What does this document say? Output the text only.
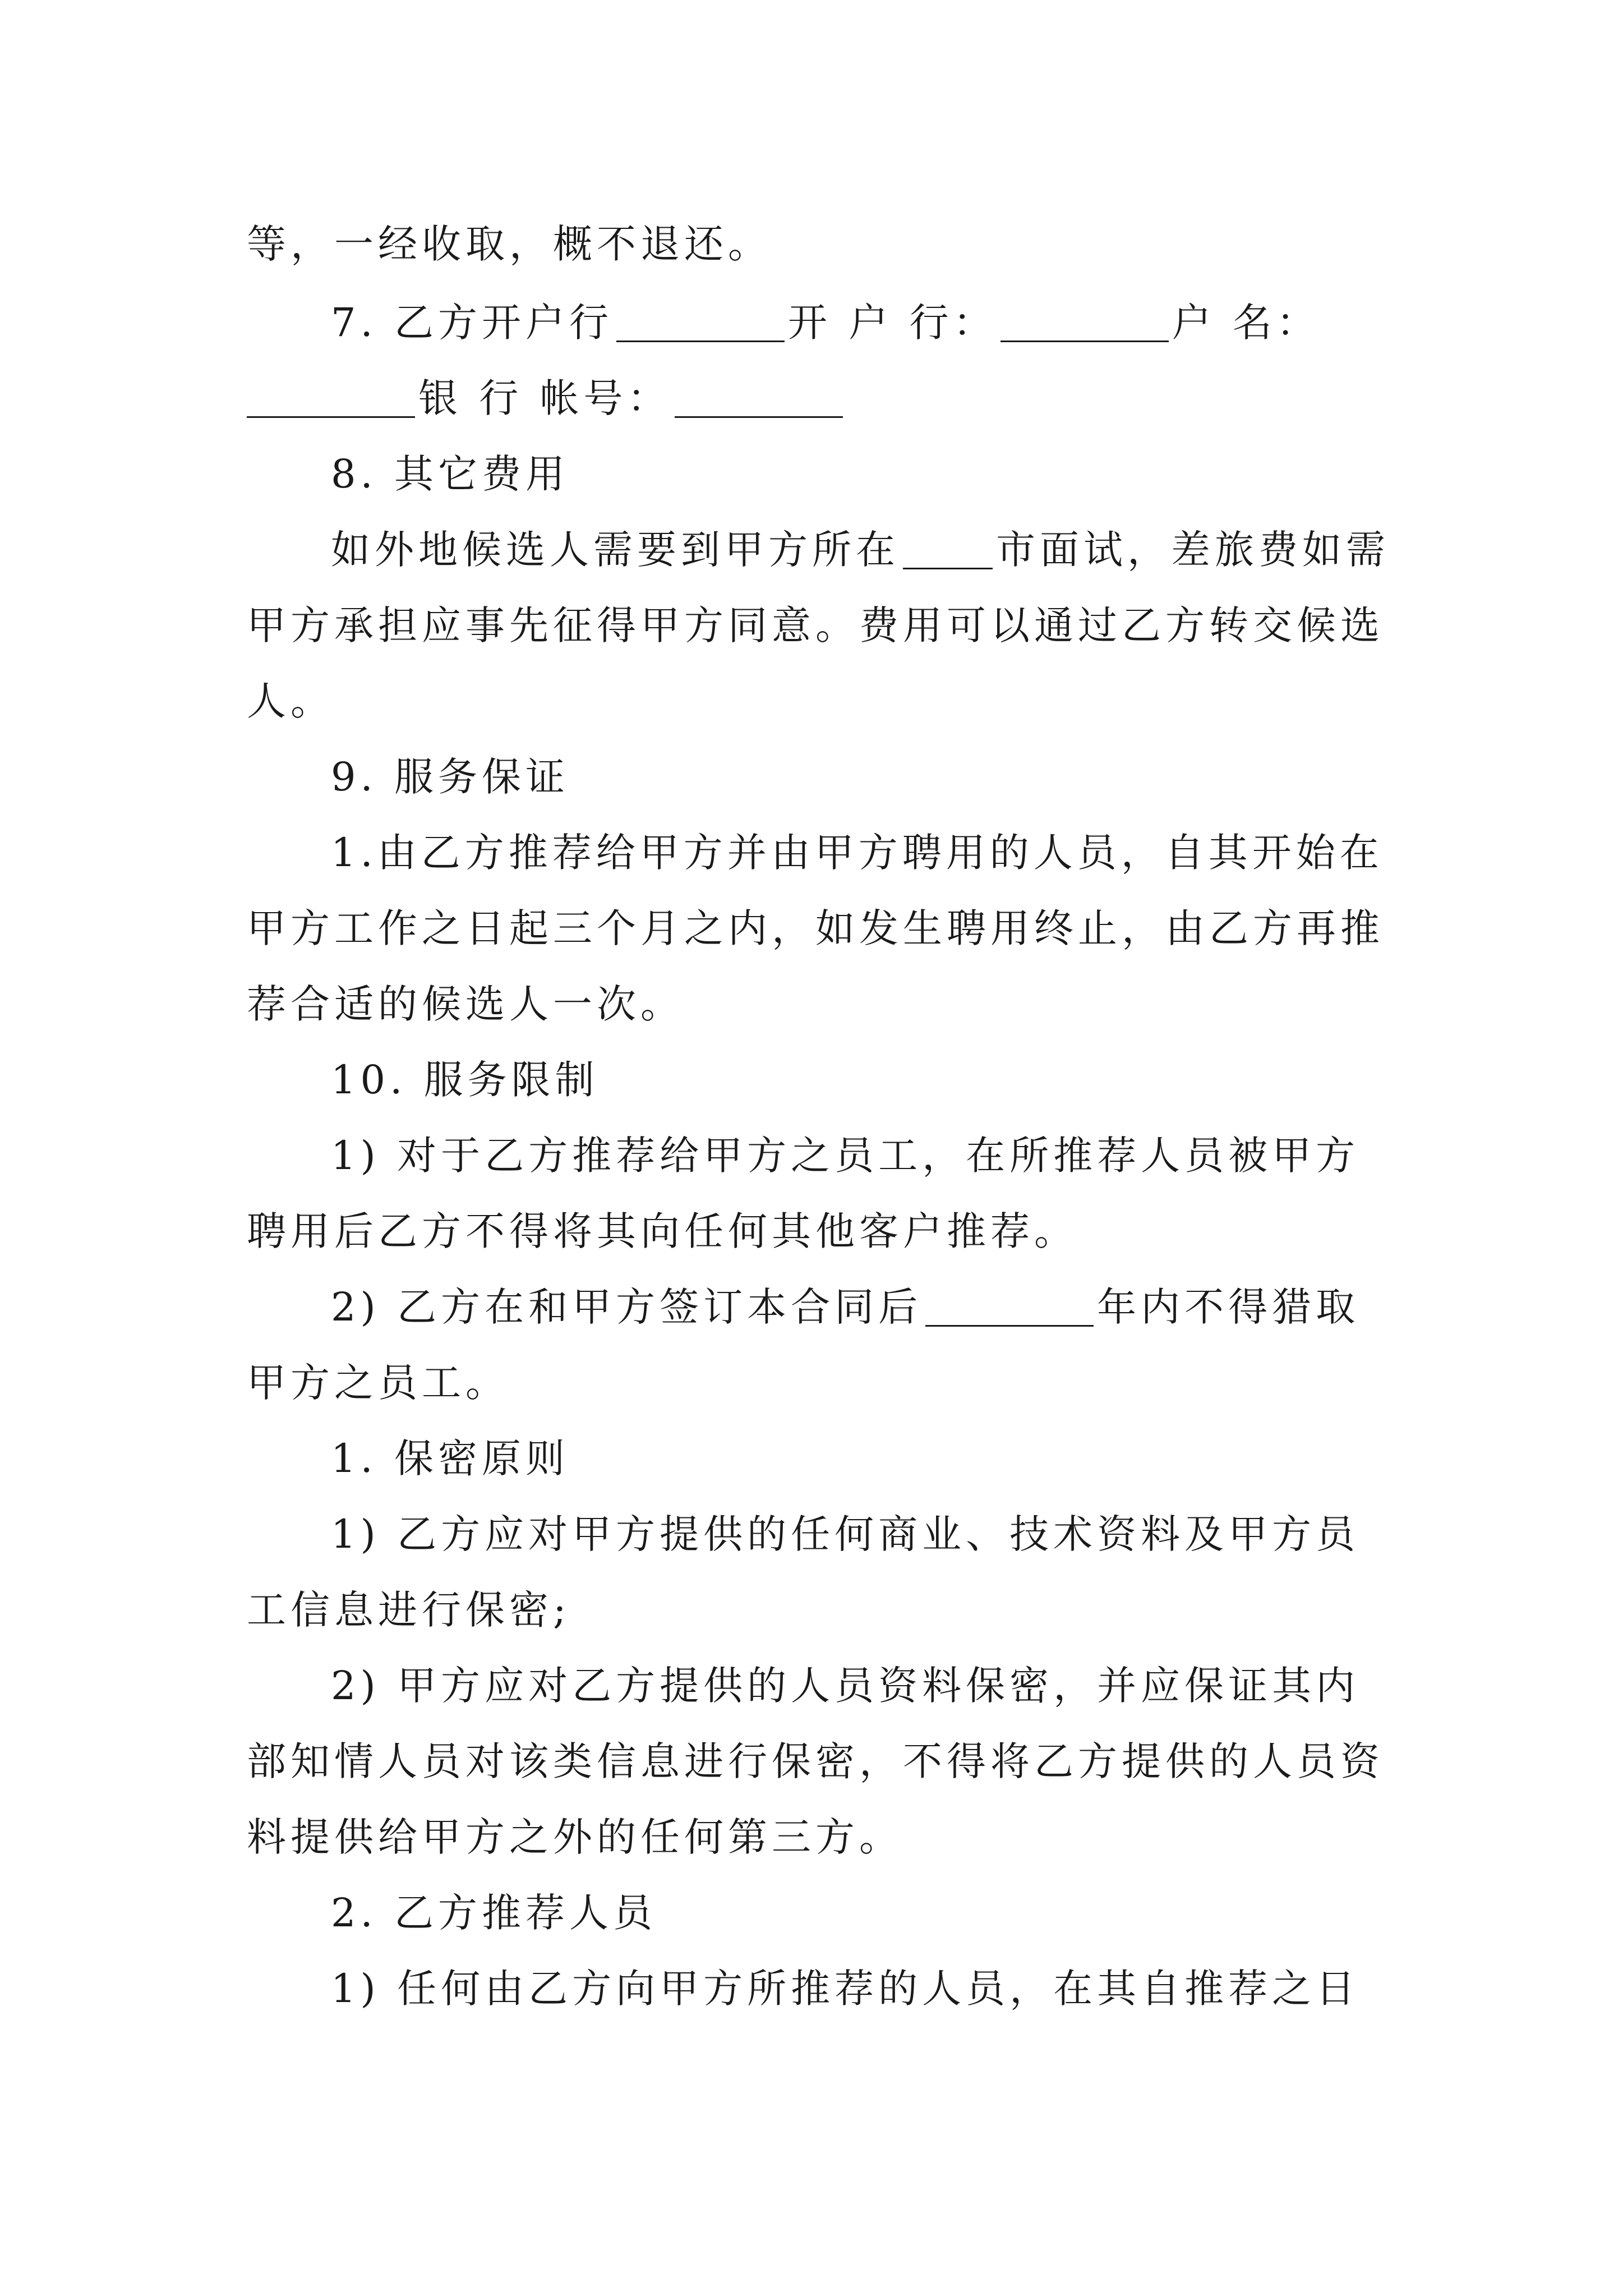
等，一经收取，概不退还。
7. 乙方开户行	开 户 行：	户 名：
银 行 帐号：
8. 其它费用
如外地候选人需要到甲方所在 市面试，差旅费如需
甲方承担应事先征得甲方同意。费用可以通过乙方转交候选
人。
9. 服务保证
1.由乙方推荐给甲方并由甲方聘用的人员，自其开始在
甲方工作之日起三个月之内，如发生聘用终止，由乙方再推
荐合适的候选人一次。
10. 服务限制
1) 对于乙方推荐给甲方之员工，在所推荐人员被甲方
聘用后乙方不得将其向任何其他客户推荐。
2) 乙方在和甲方签订本合同后	年内不得猎取
甲方之员工。
1. 保密原则
1) 乙方应对甲方提供的任何商业、技术资料及甲方员
工信息进行保密;
2) 甲方应对乙方提供的人员资料保密，并应保证其内
部知情人员对该类信息进行保密，不得将乙方提供的人员资
料提供给甲方之外的任何第三方。
2. 乙方推荐人员
1) 任何由乙方向甲方所推荐的人员，在其自推荐之日
